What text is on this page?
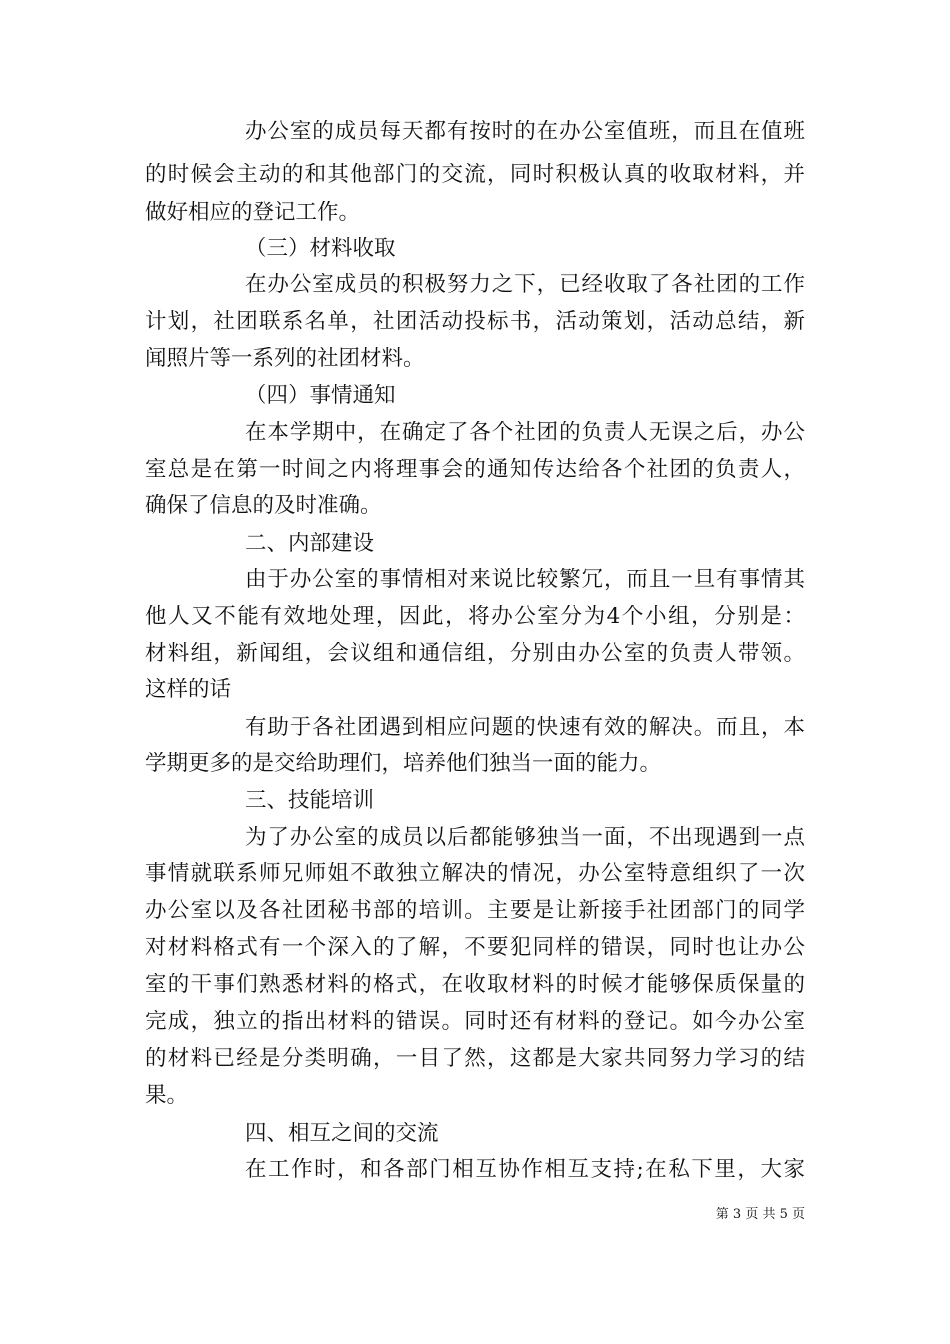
办公室的成员每天都有按时的在办公室值班，而且在值班
的时候会主动的和其他部门的交流，同时积极认真的收取材料，并
做好相应的登记工作。
（三）材料收取
在办公室成员的积极努力之下，已经收取了各社团的工作
计划，社团联系名单，社团活动投标书，活动策划，活动总结，新
闻照片等一系列的社团材料。
（四）事情通知
在本学期中，在确定了各个社团的负责人无误之后，办公
室总是在第一时间之内将理事会的通知传达给各个社团的负责人，
确保了信息的及时准确。
二、内部建设
由于办公室的事情相对来说比较繁冗，而且一旦有事情其
他人又不能有效地处理，因此，将办公室分为4个小组，分别是：
材料组，新闻组，会议组和通信组，分别由办公室的负责人带领。
这样的话
有助于各社团遇到相应问题的快速有效的解决。而且，本
学期更多的是交给助理们，培养他们独当一面的能力。
三、技能培训
为了办公室的成员以后都能够独当一面，不出现遇到一点
事情就联系师兄师姐不敢独立解决的情况，办公室特意组织了一次
办公室以及各社团秘书部的培训。主要是让新接手社团部门的同学
对材料格式有一个深入的了解，不要犯同样的错误，同时也让办公
室的干事们熟悉材料的格式，在收取材料的时候才能够保质保量的
完成，独立的指出材料的错误。同时还有材料的登记。如今办公室
的材料已经是分类明确，一目了然，这都是大家共同努力学习的结
果。
四、相互之间的交流
在工作时，和各部门相互协作相互支持;在私下里，大家
第 3 页 共 5 页
